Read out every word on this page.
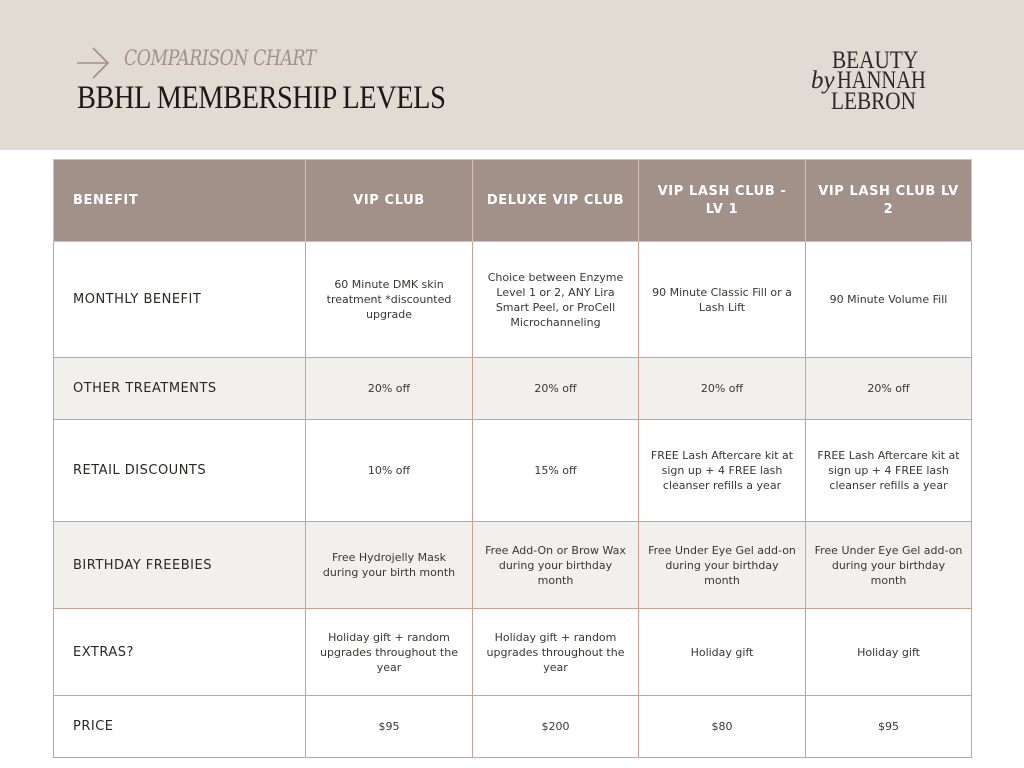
COMPARISON CHART
BBHL MEMBERSHIP LEVELS
BEAUTY
byHANNAH
LEBRON
BENEFIT	VIP CLUB	DELUXE VIP CLUB	VIP LASH CLUB - LV 1	VIP LASH CLUB LV 2
MONTHLY BENEFIT	60 Minute DMK skin treatment *discounted upgrade	Choice between Enzyme Level 1 or 2, ANY Lira Smart Peel, or ProCell Microchanneling	90 Minute Classic Fill or a Lash Lift	90 Minute Volume Fill
OTHER TREATMENTS	20% off	20% off	20% off	20% off
RETAIL DISCOUNTS	10% off	15% off	FREE Lash Aftercare kit at sign up + 4 FREE lash cleanser refills a year	FREE Lash Aftercare kit at sign up + 4 FREE lash cleanser refills a year
BIRTHDAY FREEBIES	Free Hydrojelly Mask during your birth month	Free Add-On or Brow Wax during your birthday month	Free Under Eye Gel add-on during your birthday month	Free Under Eye Gel add-on during your birthday month
EXTRAS?	Holiday gift + random upgrades throughout the year	Holiday gift + random upgrades throughout the year	Holiday gift	Holiday gift
PRICE	$95	$200	$80	$95
